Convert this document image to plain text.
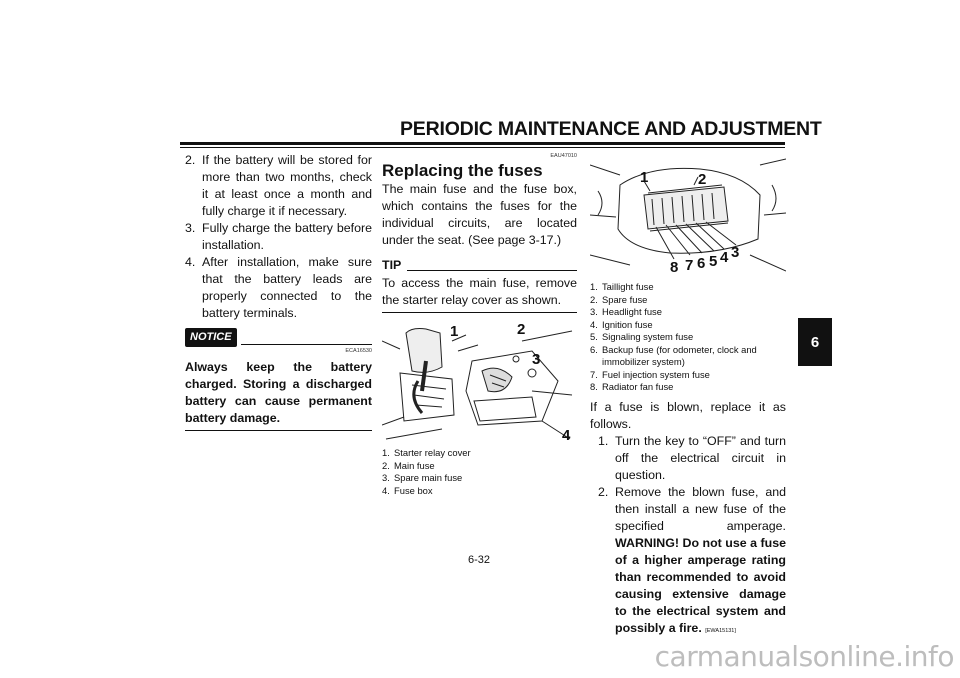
PERIODIC MAINTENANCE AND ADJUSTMENT
6
2. If the battery will be stored for more than two months, check it at least once a month and fully charge it if necessary.
3. Fully charge the battery before installation.
4. After installation, make sure that the battery leads are properly connected to the battery terminals.
NOTICE
ECA16530
Always keep the battery charged. Storing a discharged battery can cause permanent battery damage.
EAU47010
Replacing the fuses
The main fuse and the fuse box, which contains the fuses for the individual circuits, are located under the seat. (See page 3-17.)
TIP
To access the main fuse, remove the starter relay cover as shown.
1	2
3
4
1. Starter relay cover
2. Main fuse
3. Spare main fuse
4. Fuse box
1	2
8 7 6 5 4 3
1. Taillight fuse
2. Spare fuse
3. Headlight fuse
4. Ignition fuse
5. Signaling system fuse
6. Backup fuse (for odometer, clock and immobilizer system)
7. Fuel injection system fuse
8. Radiator fan fuse
If a fuse is blown, replace it as follows.
1. Turn the key to “OFF” and turn off the electrical circuit in question.
2. Remove the blown fuse, and then install a new fuse of the specified amperage. WARNING! Do not use a fuse of a higher amperage rating than recommended to avoid causing extensive damage to the electrical system and possibly a fire. [EWA15131]
6-32
carmanualsonline.info
